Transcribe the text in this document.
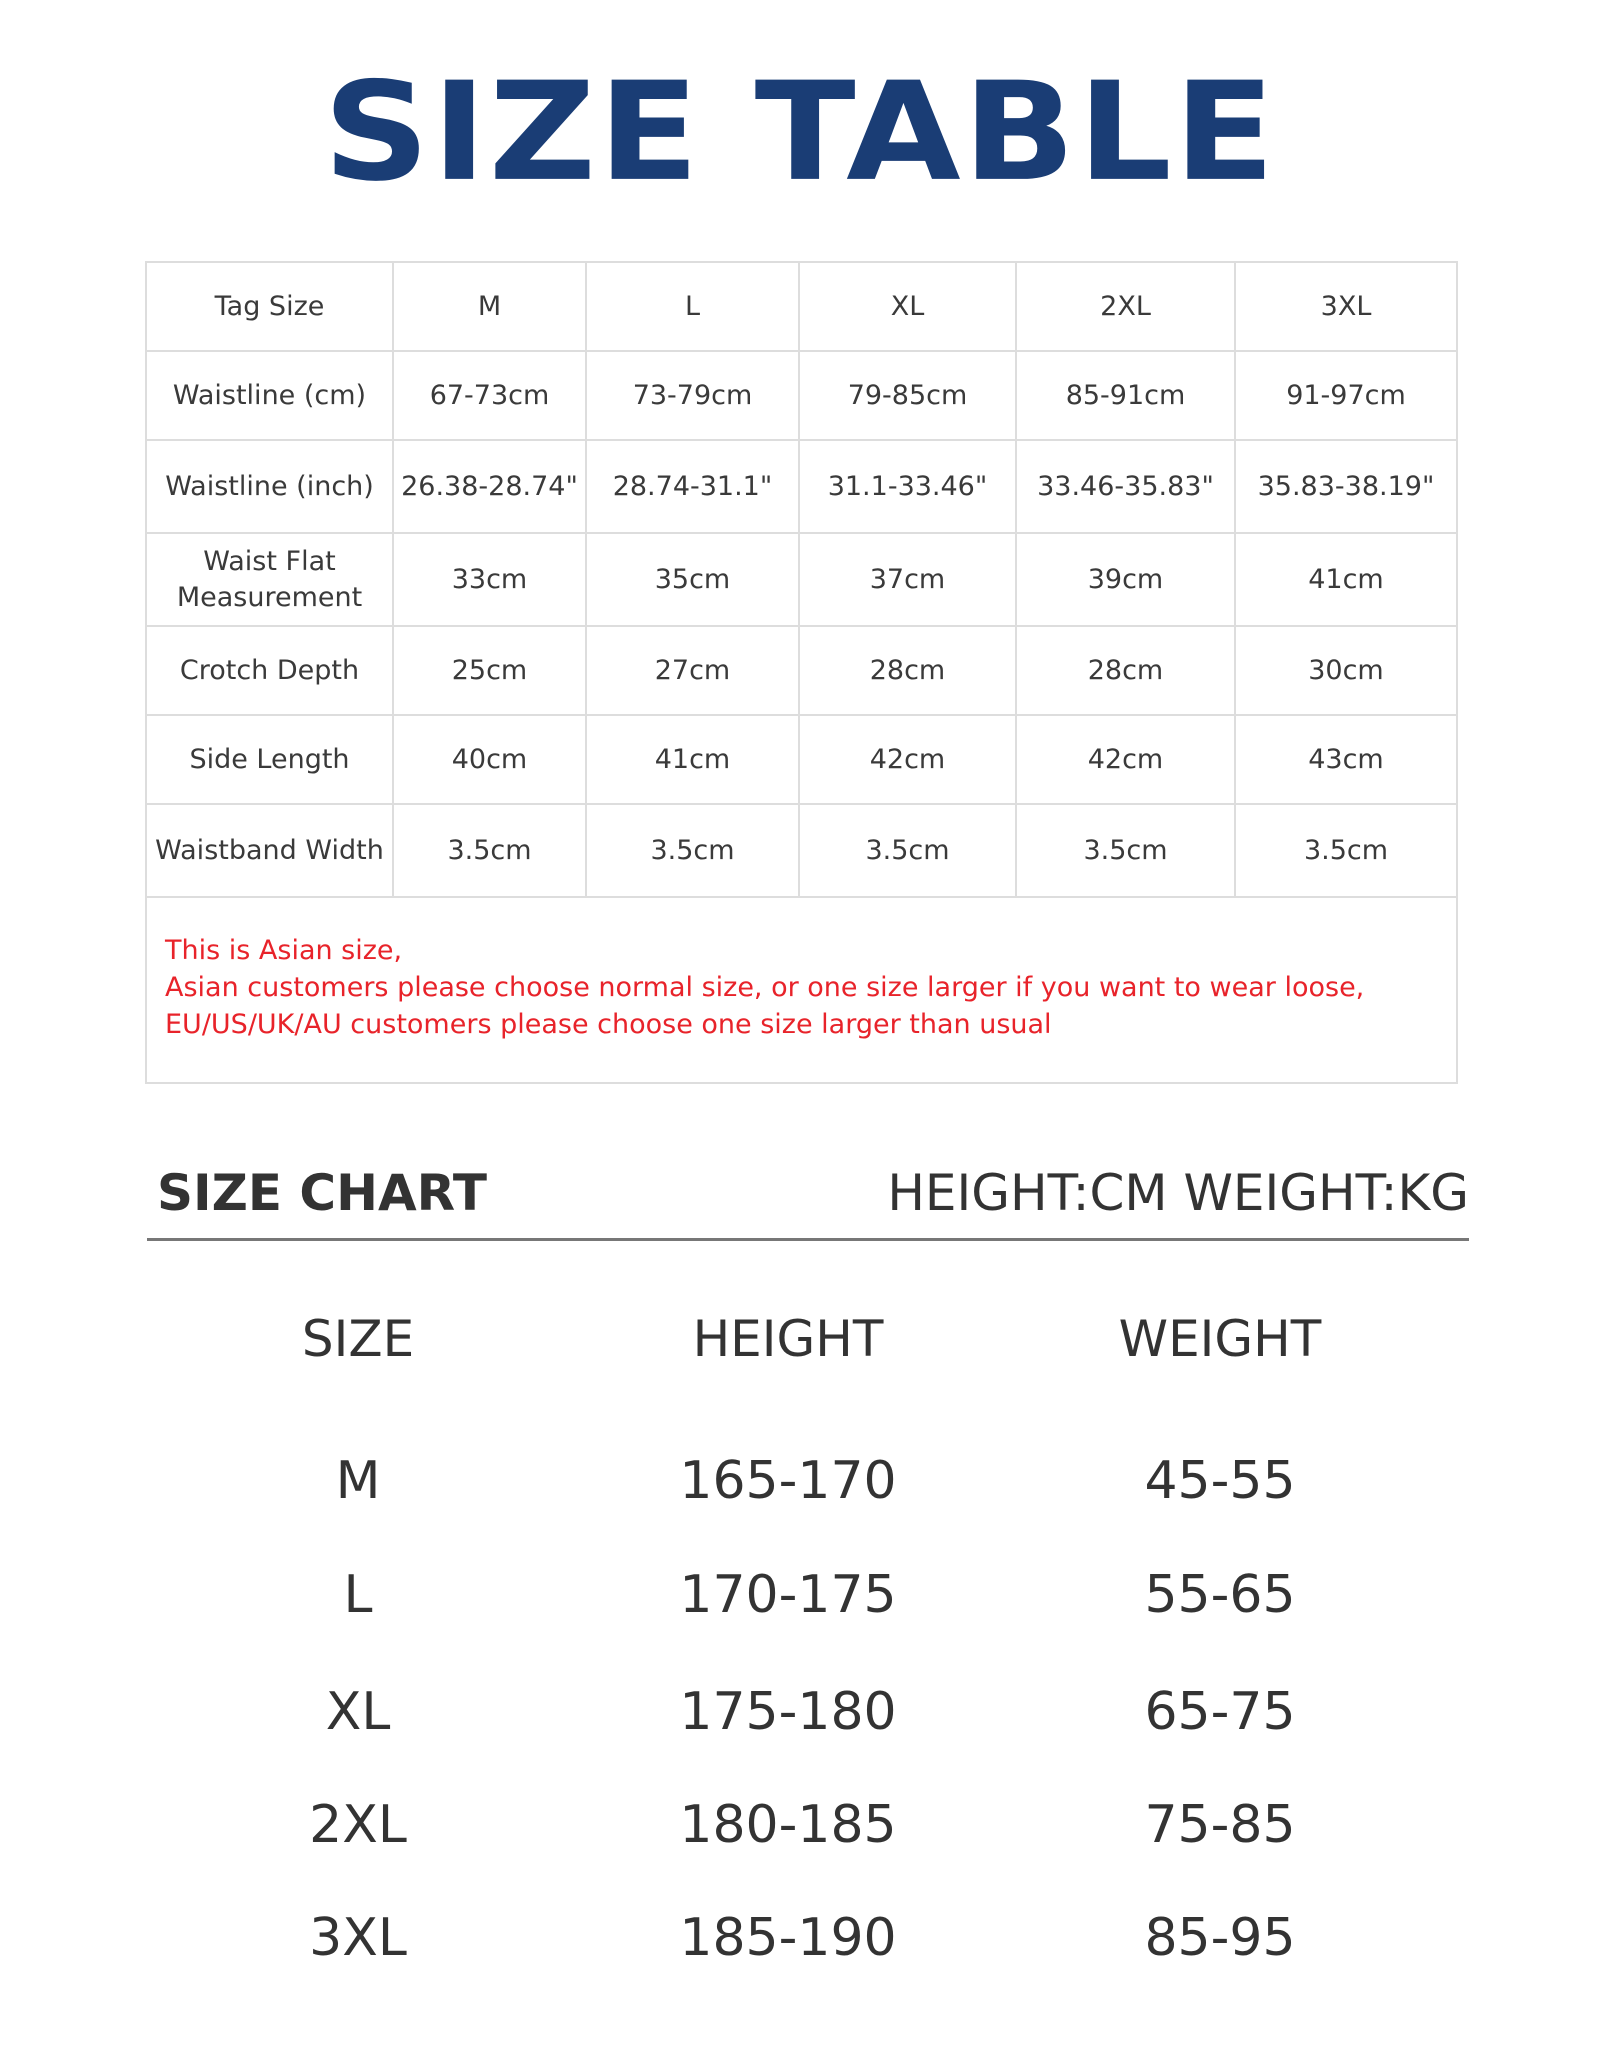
SIZE TABLE
Tag Size	M	L	XL	2XL	3XL
Waistline (cm)	67-73cm	73-79cm	79-85cm	85-91cm	91-97cm
Waistline (inch)	26.38-28.74"	28.74-31.1"	31.1-33.46"	33.46-35.83"	35.83-38.19"
Waist Flat Measurement	33cm	35cm	37cm	39cm	41cm
Crotch Depth	25cm	27cm	28cm	28cm	30cm
Side Length	40cm	41cm	42cm	42cm	43cm
Waistband Width	3.5cm	3.5cm	3.5cm	3.5cm	3.5cm

This is Asian size,
Asian customers please choose normal size, or one size larger if you want to wear loose,
EU/US/UK/AU customers please choose one size larger than usual					
SIZE CHART	HEIGHT:CM WEIGHT:KG
SIZE	HEIGHT	WEIGHT
M	165-170	45-55
L	170-175	55-65
XL	175-180	65-75
2XL	180-185	75-85
3XL	185-190	85-95
